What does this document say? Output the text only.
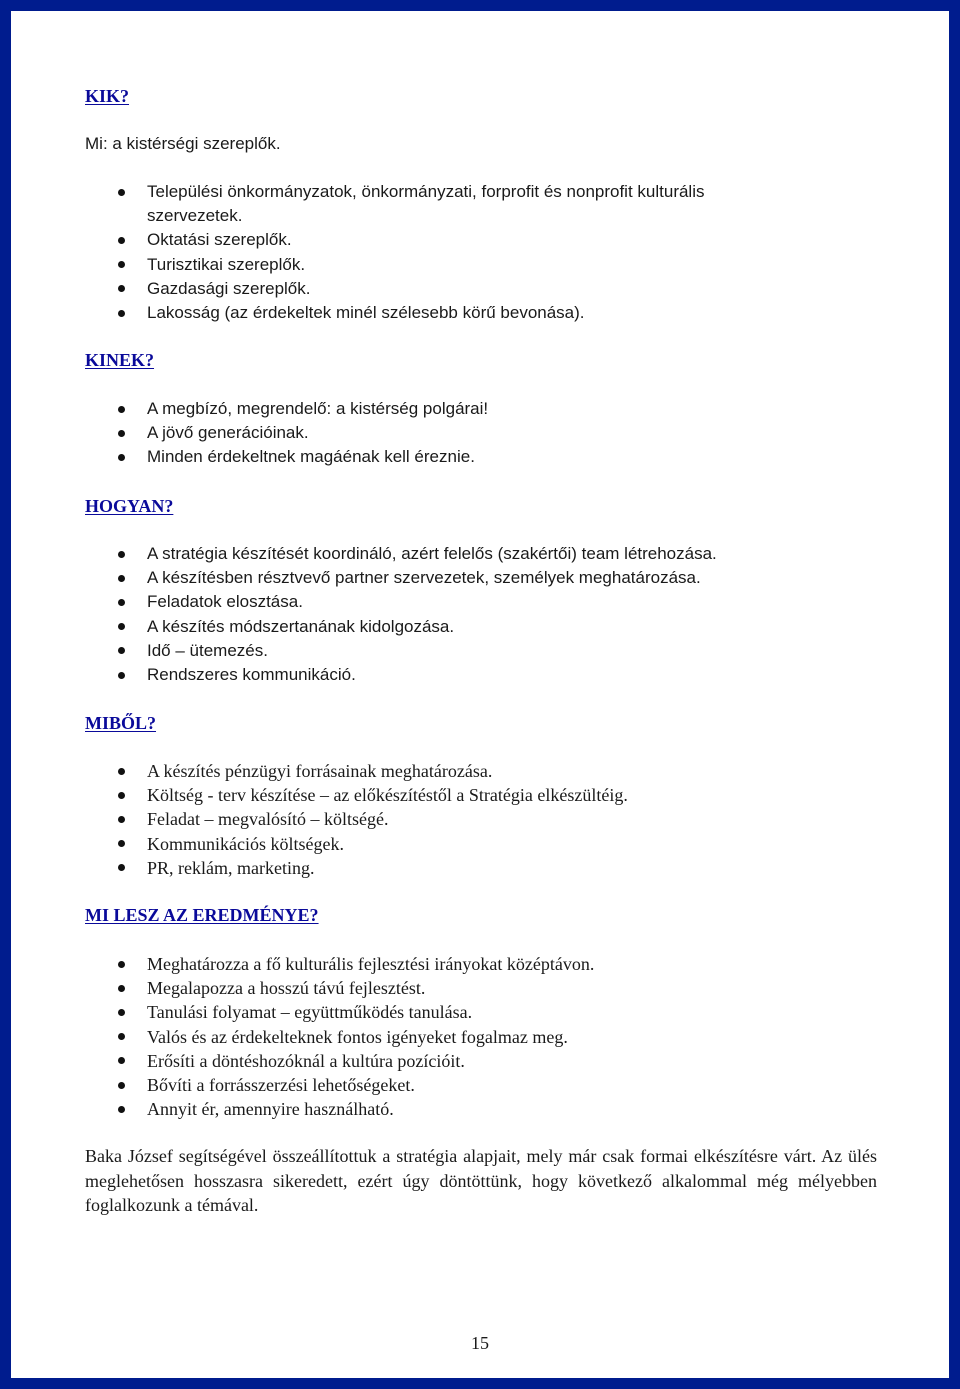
KIK?
Mi: a kistérségi szereplők.
Települési önkormányzatok, önkormányzati, forprofit és nonprofit kulturális
szervezetek.
Oktatási szereplők.
Turisztikai szereplők.
Gazdasági szereplők.
Lakosság (az érdekeltek minél szélesebb körű bevonása).
KINEK?
A megbízó, megrendelő: a kistérség polgárai!
A jövő generációinak.
Minden érdekeltnek magáénak kell éreznie.
HOGYAN?
A stratégia készítését koordináló, azért felelős (szakértői) team létrehozása.
A készítésben résztvevő partner szervezetek, személyek meghatározása.
Feladatok elosztása.
A készítés módszertanának kidolgozása.
Idő – ütemezés.
Rendszeres kommunikáció.
MIBŐL?
A készítés pénzügyi forrásainak meghatározása.
Költség - terv készítése – az előkészítéstől a Stratégia elkészültéig.
Feladat – megvalósító – költségé.
Kommunikációs költségek.
PR, reklám, marketing.
MI LESZ AZ EREDMÉNYE?
Meghatározza a fő kulturális fejlesztési irányokat középtávon.
Megalapozza a hosszú távú fejlesztést.
Tanulási folyamat – együttműködés tanulása.
Valós és az érdekelteknek fontos igényeket fogalmaz meg.
Erősíti a döntéshozóknál a kultúra pozícióit.
Bővíti a forrásszerzési lehetőségeket.
Annyit ér, amennyire használható.
Baka József segítségével összeállítottuk a stratégia alapjait, mely már csak formai elkészítésre várt. Az ülés meglehetősen hosszasra sikeredett, ezért úgy döntöttünk, hogy következő alkalommal még mélyebben foglalkozunk a témával.
15
